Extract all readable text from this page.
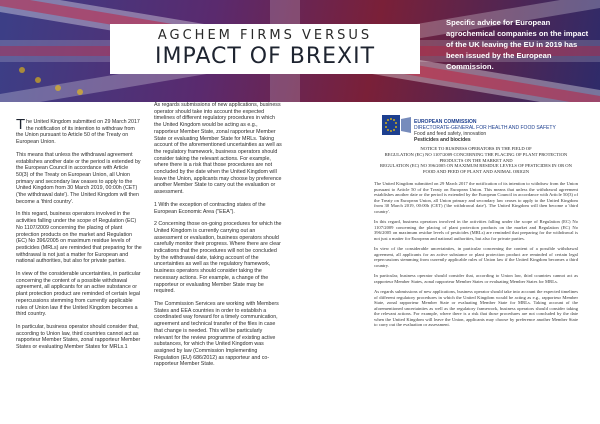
AGCHEM FIRMS VERSUS
IMPACT OF BREXIT
Specific advice for European agrochemical companies on the impact of the UK leaving the EU in 2019 has been issued by the European Commission.

The United Kingdom submitted on 29 March 2017 the notification of its intention to withdraw from the Union pursuant to Article 50 of the Treaty on European Union.

This means that unless the withdrawal agreement establishes another date or the period is extended by the European Council in accordance with Article 50(3) of the Treaty on European Union, all Union primary and secondary law ceases to apply to the United Kingdom from 30 March 2019, 00:00h (CET) ('the withdrawal date'). The United Kingdom will then become a 'third country'.

In this regard, business operators involved in the activities falling under the scope of Regulation (EC) No 1107/2009 concerning the placing of plant protection products on the market and Regulation (EC) No 396/2005 on maximum residue levels of pesticides (MRLs) are reminded that preparing for the withdrawal is not just a matter for European and national authorities, but also for private parties.

In view of the considerable uncertainties, in particular concerning the content of a possible withdrawal agreement, all applicants for an active substance or plant protection product are reminded of certain legal repercussions stemming from currently applicable rules of Union law if the United Kingdom becomes a third country.

In particular, business operator should consider that, according to Union law, third countries cannot act as rapporteur Member States, zonal rapporteur Member States or evaluating Member States for MRLs.1

As regards submissions of new applications, business operator should take into account the expected timelines of different regulatory procedures in which the United Kingdom would be acting as e.g., rapporteur Member State, zonal rapporteur Member State or evaluating Member State for MRLs. Taking account of the aforementioned uncertainties as well as the regulatory framework, business operators should consider taking the relevant actions. For example, where there is a risk that those procedures are not concluded by the date when the United Kingdom will leave the Union, applicants may choose by preference another Member State to carry out the evaluation or assessment.

1 With the exception of contracting states of the European Economic Area ("EEA").

2 Concerning those on-going procedures for which the United Kingdom is currently carrying out an assessment or evaluation, business operators should carefully monitor their progress. Where there are clear indications that the procedures will not be concluded by the withdrawal date, taking account of the uncertainties as well as the regulatory framework, business operators should consider taking the necessary actions. For example, a change of the rapporteur or evaluating Member State may be required.

The Commission Services are working with Members States and EEA countries in order to establish a coordinated way forward for a timely communication, agreement and technical transfer of the files in case that change is needed. This will be particularly relevant for the review programme of existing active substances, for which the United Kingdom was assigned by law (Commission Implementing Regulation (EU) 686/2012) as rapporteur and co-rapporteur Member State.

EUROPEAN COMMISSION
DIRECTORATE-GENERAL FOR HEALTH AND FOOD SAFETY
Food and feed safety, innovation
Pesticides and biocides
NOTICE TO BUSINESS OPERATORS IN THE FIELD OF
REGULATION (EC) NO 1107/2009 CONCERNING THE PLACING OF PLANT PROTECTION PRODUCTS ON THE MARKET AND
REGULATION (EC) NO 396/2005 ON MAXIMUM RESIDUE LEVELS OF PESTICIDES IN OR ON FOOD AND FEED OF PLANT AND ANIMAL ORIGIN

The United Kingdom submitted on 29 March 2017 the notification of its intention to withdraw from the Union pursuant to Article 50 of the Treaty on European Union. This means that unless the withdrawal agreement establishes another date or the period is extended by the European Council in accordance with Article 50(3) of the Treaty on European Union, all Union primary and secondary law ceases to apply to the United Kingdom from 30 March 2019, 00:00h (CET) ('the withdrawal date'). The United Kingdom will then become a 'third country'.

In this regard, business operators involved in the activities falling under the scope of Regulation (EC) No 1107/2009 concerning the placing of plant protection products on the market and Regulation (EC) No 396/2005 on maximum residue levels of pesticides (MRLs) are reminded that preparing for the withdrawal is not just a matter for European and national authorities, but also for private parties.

In view of the considerable uncertainties, in particular concerning the content of a possible withdrawal agreement, all applicants for an active substance or plant protection product are reminded of certain legal repercussions stemming from currently applicable rules of Union law if the United Kingdom becomes a third country.

In particular, business operator should consider that, according to Union law, third countries cannot act as rapporteur Member States, zonal rapporteur Member States or evaluating Member States for MRLs.

As regards submissions of new applications, business operator should take into account the expected timelines of different regulatory procedures in which the United Kingdom would be acting as e.g., rapporteur Member State, zonal rapporteur Member State or evaluating Member State for MRLs. Taking account of the aforementioned uncertainties as well as the regulatory framework, business operators should consider taking the relevant actions. For example, where there is a risk that those procedures are not concluded by the date when the United Kingdom will leave the Union, applicants may choose by preference another Member State to carry out the evaluation or assessment.
